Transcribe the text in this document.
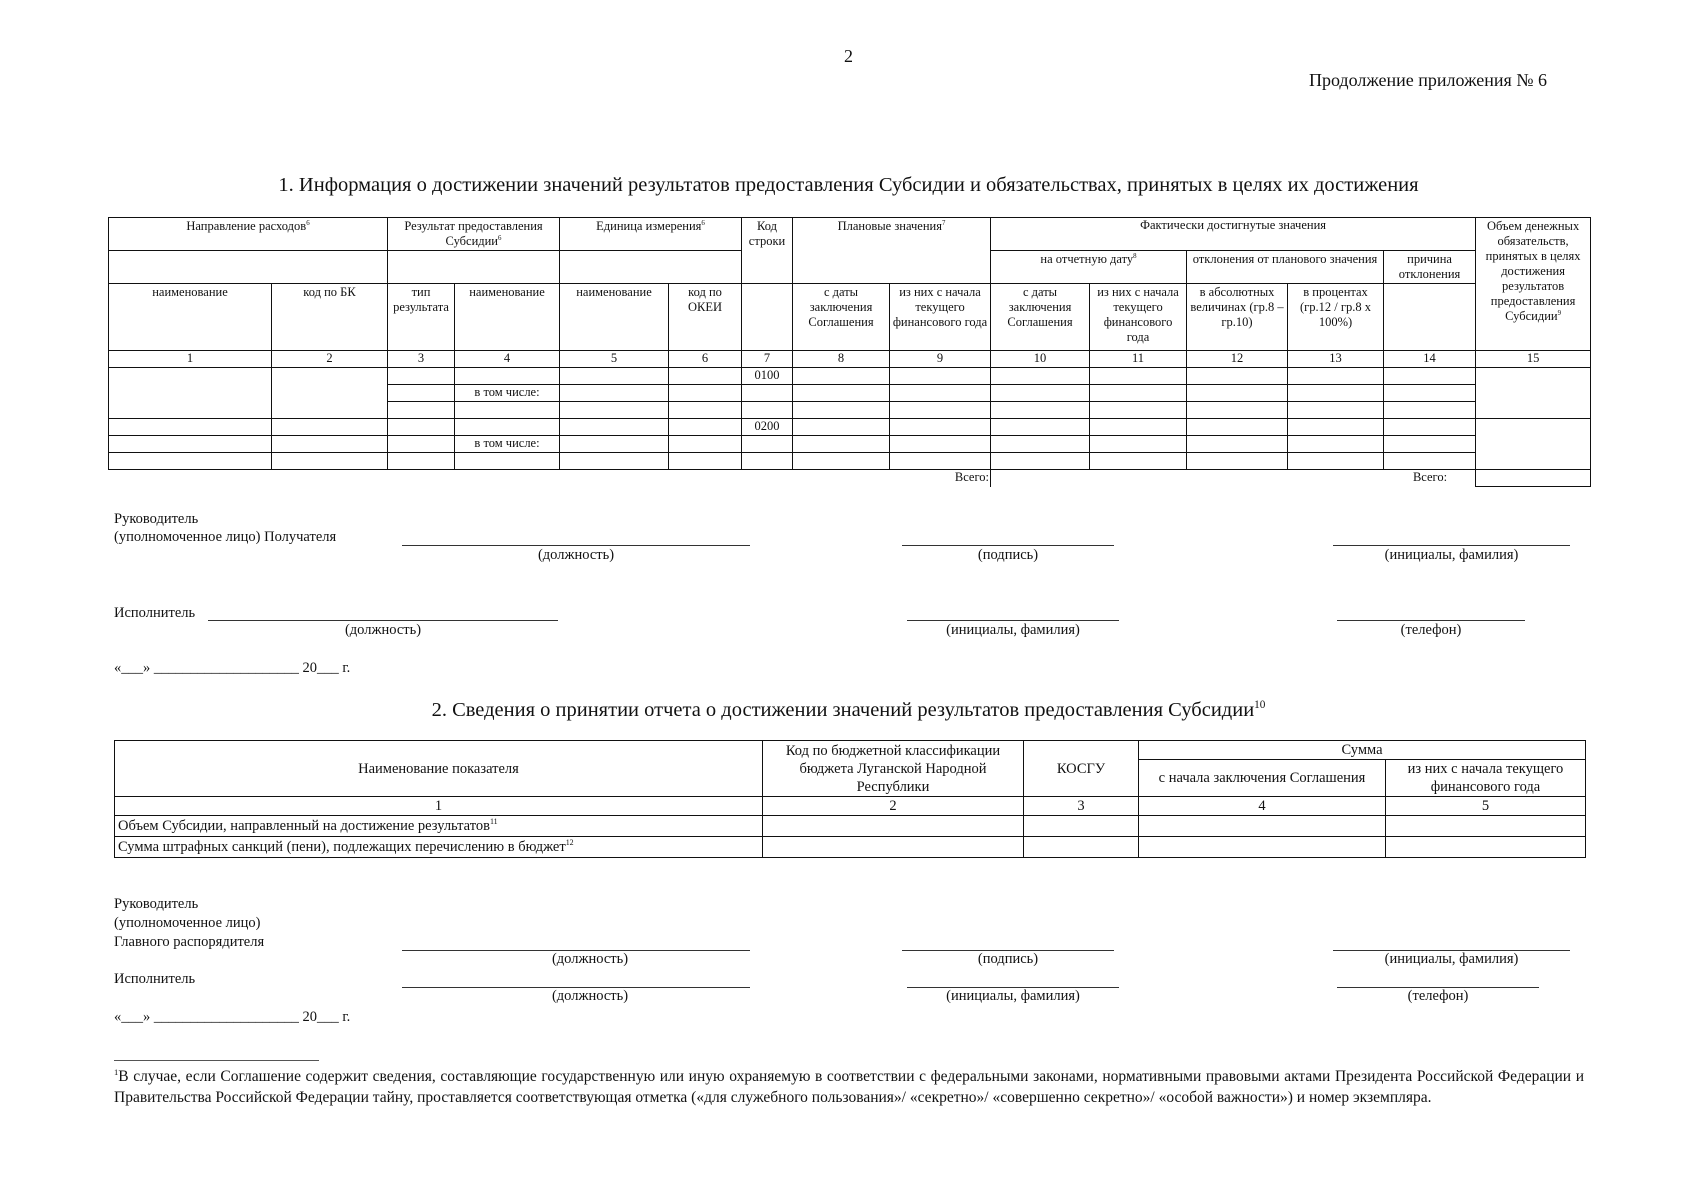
2
Продолжение приложения № 6
1. Информация о достижении значений результатов предоставления Субсидии и обязательствах, принятых в целях их достижения
Направление расходов$^6$		Результат предоставления Субсидии$^6$		Единица измерения$^6$		Код строки	Плановые значения$^7$		Фактически достигнутые значения					Объем денежных обязательств, принятых в целях достижения результатов предоставления Субсидии$^9$
									на отчетную дату$^8$		отклонения от планового значения		причина отклонения	
наименование	код по БК	тип результата	наименование	наименование	код по ОКЕИ		с даты заключения Соглашения	из них с начала текущего финансового года	с даты заключения Соглашения	из них с начала текущего финансового года	в абсолютных величинах (гр.8 – гр.10)	в процентах (гр.12 / гр.8 x 100%)		
1	2	3	4	5	6	7	8	9	10	11	12	13	14	15
						0100								
			в том числе:											

						0200								
			в том числе:											

								Всего:	Всего:					
Руководитель
(уполномоченное лицо) Получателя
(должность)	(подпись)	(инициалы, фамилия)
Исполнитель
(должность)	(инициалы, фамилия)	(телефон)
«___» ____________________ 20___ г.
2. Сведения о принятии отчета о достижении значений результатов предоставления Субсидии$^{10}$
Наименование показателя	Код по бюджетной классификации бюджета Луганской Народной Республики	КОСГУ	Сумма	
			с начала заключения Соглашения	из них с начала текущего финансового года
1	2	3	4	5
Объем Субсидии, направленный на достижение результатов$^{11}$				
Сумма штрафных санкций (пени), подлежащих перечислению в бюджет$^{12}$				
Руководитель
(уполномоченное лицо)
Главного распорядителя
(должность)	(подпись)	(инициалы, фамилия)
Исполнитель
(должность)	(инициалы, фамилия)	(телефон)
«___» ____________________ 20___ г.
$^1$В случае, если Соглашение содержит сведения, составляющие государственную или иную охраняемую в соответствии с федеральными законами, нормативными правовыми актами Президента Российской Федерации и Правительства Российской Федерации тайну, проставляется соответствующая отметка («для служебного пользования»/ «секретно»/ «совершенно секретно»/ «особой важности») и номер экземпляра.
